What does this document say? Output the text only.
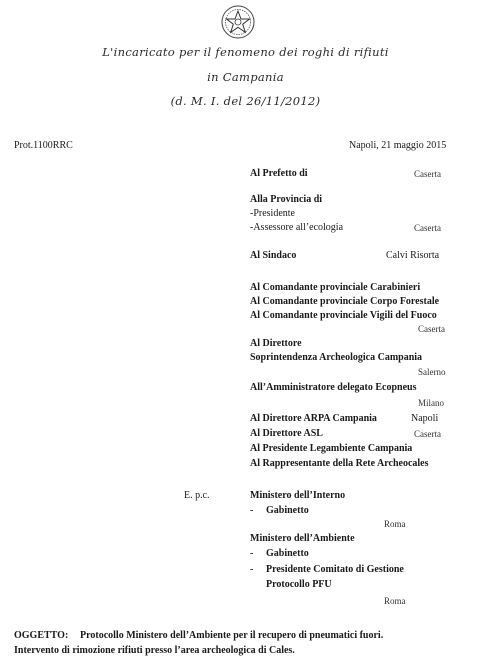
L'incaricato per il fenomeno dei roghi di rifiuti
in Campania
(d. M. I. del 26/11/2012)
Prot.1100RRC	Napoli, 21 maggio 2015
Al Prefetto di	Caserta
Alla Provincia di
-Presidente
-Assessore all’ecologia	Caserta
Al Sindaco	Calvi Risorta
Al Comandante provinciale Carabinieri
Al Comandante provinciale Corpo Forestale
Al Comandante provinciale Vigili del Fuoco
Caserta
Al Direttore
Soprintendenza Archeologica Campania
Salerno
All’Amministratore delegato Ecopneus
Milano
Al Direttore ARPA Campania	Napoli
Al Direttore ASL	Caserta
Al Presidente Legambiente Campania
Al Rappresentante della Rete Archeocales
E. p.c.	Ministero dell’Interno
- Gabinetto
Roma
Ministero dell’Ambiente
- Gabinetto
- Presidente Comitato di Gestione
Protocollo PFU
Roma
OGGETTO: Protocollo Ministero dell’Ambiente per il recupero di pneumatici fuori.
Intervento di rimozione rifiuti presso l’area archeologica di Cales.
